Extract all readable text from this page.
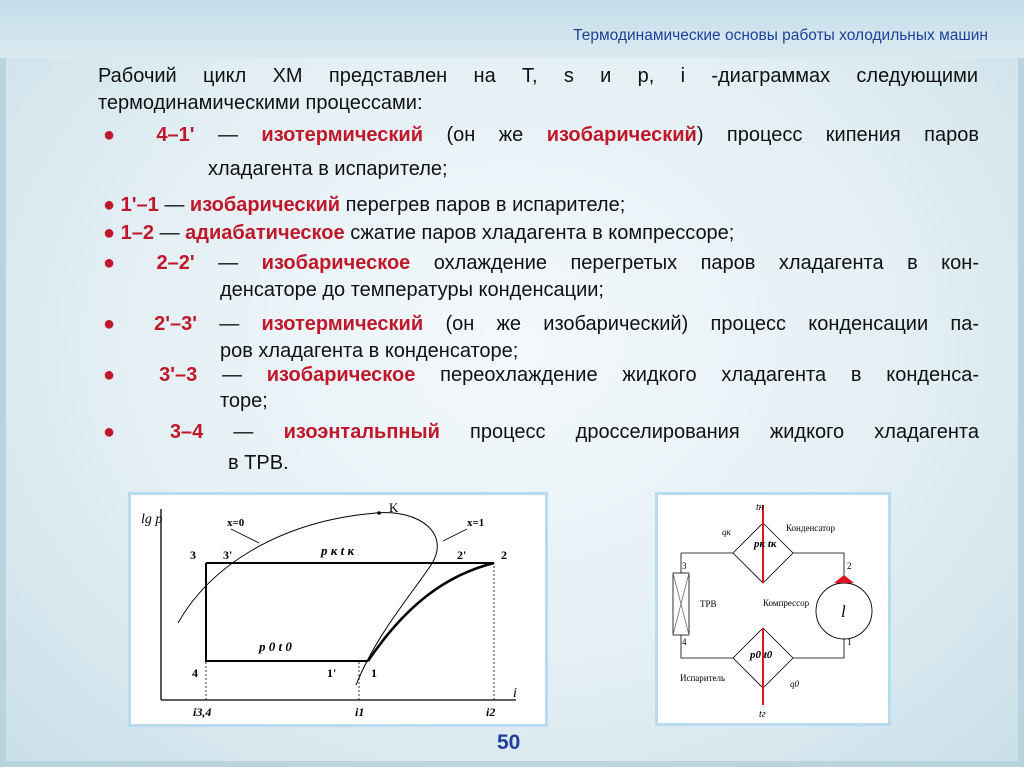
Термодинамические основы работы холодильных машин
Рабочий цикл ХМ представлен на T, s и p, i -диаграммах следующими
термодинамическими процессами:
● 4–1' — изотермический (он же изобарический) процесс кипения паров
хладагента в испарителе;
● 1'–1 — изобарический перегрев паров в испарителе;
● 1–2 — адиабатическое сжатие паров хладагента в компрессоре;
● 2–2' — изобарическое охлаждение перегретых паров хладагента в кон-
денсаторе до температуры конденсации;
● 2'–3' — изотермический (он же изобарический) процесс конденсации па-
ров хладагента в конденсаторе;
● 3'–3 — изобарическое переохлаждение жидкого хладагента в конденса-
торе;
● 3–4 — изоэнтальпный процесс дросселирования жидкого хладагента
в ТРВ.
lg p
i
K
x=0	x=1
p к t к
p 0 t 0
3 3'	2'	2
4	1'	1
i3,4	i1	i2
tн
qк
pк tк
Конденсатор
Компрессор
ТРВ
Испаритель
p0 t0
q0
tг
l
3
4
2
1
50
